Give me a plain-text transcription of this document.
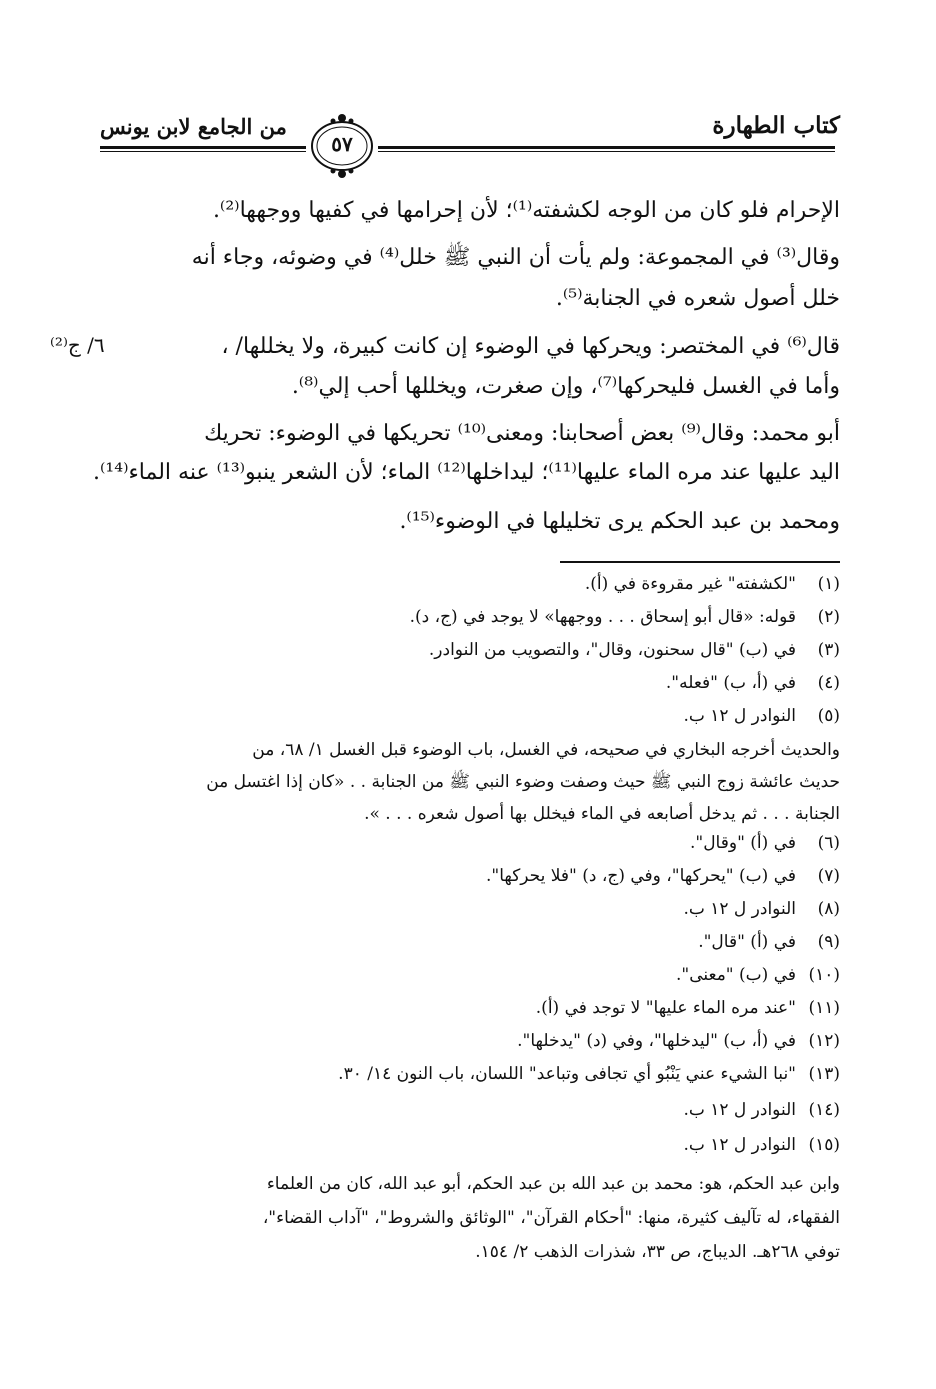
كتاب الطهارة
من الجامع لابن يونس
٥٧
الإحرام فلو كان من الوجه لكشفته⁽¹⁾؛ لأن إحرامها في كفيها ووجهها⁽²⁾.
وقال⁽³⁾ في المجموعة: ولم يأت أن النبي ﷺ خلل⁽⁴⁾ في وضوئه، وجاء أنه
خلل أصول شعره في الجنابة⁽⁵⁾.
قال⁽⁶⁾ في المختصر: ويحركها في الوضوء إن كانت كبيرة، ولا يخللها/ ،
وأما في الغسل فليحركها⁽⁷⁾، وإن صغرت، ويخللها أحب إلي⁽⁸⁾.
أبو محمد: وقال⁽⁹⁾ بعض أصحابنا: ومعنى⁽¹⁰⁾ تحريكها في الوضوء: تحريك
اليد عليها عند مره الماء عليها⁽¹¹⁾؛ ليداخلها⁽¹²⁾ الماء؛ لأن الشعر ينبو⁽¹³⁾ عنه الماء⁽¹⁴⁾.
ومحمد بن عبد الحكم يرى تخليلها في الوضوء⁽¹⁵⁾.
٦/ ج⁽²⁾
(١)"لكشفته" غير مقروءة في (أ).
(٢)قوله: «قال أبو إسحاق . . . ووجهها» لا يوجد في (ج، د).
(٣)في (ب) "قال سحنون، وقال"، والتصويب من النوادر.
(٤)في (أ، ب) "فعله".
(٥)النوادر ل ١٢ ب.
والحديث أخرجه البخاري في صحيحه، في الغسل، باب الوضوء قبل الغسل ١/ ٦٨، من
حديث عائشة زوج النبي ﷺ حيث وصفت وضوء النبي ﷺ من الجنابة . . «كان إذا اغتسل من
الجنابة . . . ثم يدخل أصابعه في الماء فيخلل بها أصول شعره . . . ».
(٦)في (أ) "وقال".
(٧)في (ب) "يحركها"، وفي (ج، د) "فلا يحركها".
(٨)النوادر ل ١٢ ب.
(٩)في (أ) "قال".
(١٠)في (ب) "معنى".
(١١)"عند مره الماء عليها" لا توجد في (أ).
(١٢)في (أ، ب) "ليدخلها"، وفي (د) "يدخلها".
(١٣)"نبا الشيء عني يَنْبُو أي تجافى وتباعد" اللسان، باب النون ١٤/ ٣٠.
(١٤)النوادر ل ١٢ ب.
(١٥)النوادر ل ١٢ ب.
وابن عبد الحكم، هو: محمد بن عبد الله بن عبد الحكم، أبو عبد الله، كان من العلماء
الفقهاء، له تآليف كثيرة، منها: "أحكام القرآن"، "الوثائق والشروط"، "آداب القضاء"،
توفي ٢٦٨هـ. الديباج، ص ٣٣، شذرات الذهب ٢/ ١٥٤.
